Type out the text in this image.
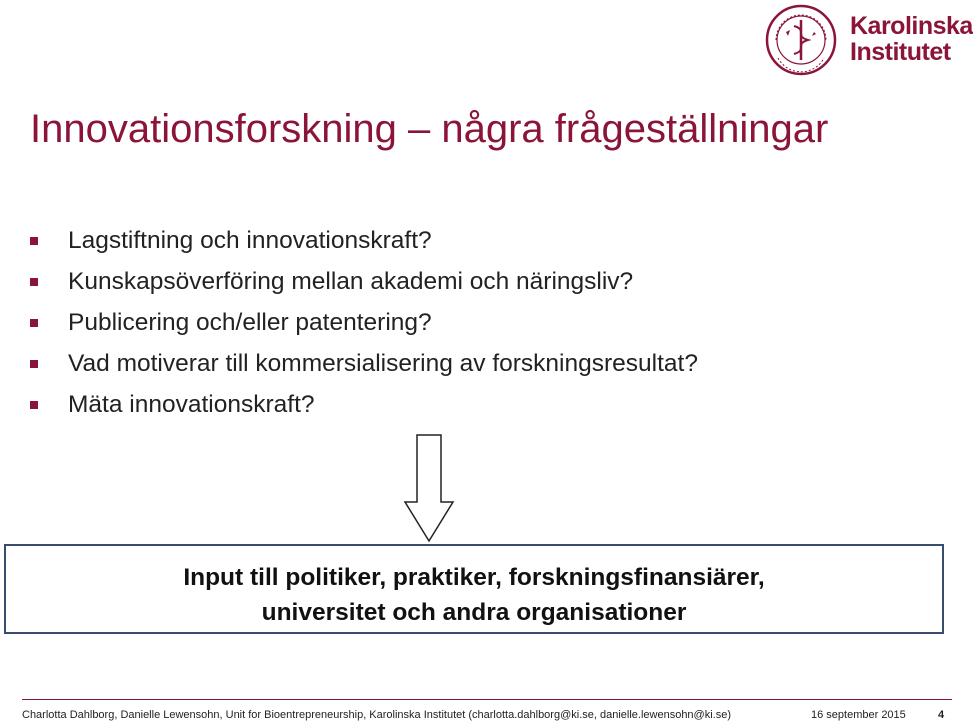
Karolinska
Institutet
Innovationsforskning – några frågeställningar
Lagstiftning och innovationskraft?
Kunskapsöverföring mellan akademi och näringsliv?
Publicering och/eller patentering?
Vad motiverar till kommersialisering av forskningsresultat?
Mäta innovationskraft?
Input till politiker, praktiker, forskningsfinansiärer,
universitet och andra organisationer
Charlotta Dahlborg, Danielle Lewensohn, Unit for Bioentrepreneurship, Karolinska Institutet (charlotta.dahlborg@ki.se, danielle.lewensohn@ki.se)	16 september 2015	4
